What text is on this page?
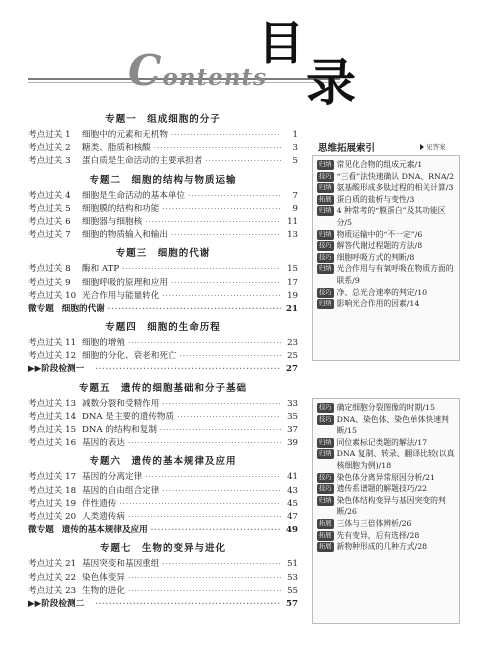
Contents
目
录
专题一　组成细胞的分子
考点过关 1	细胞中的元素和无机物 ·····	1
考点过关 2	糖类、脂质和核酸 ·····	3
考点过关 3	蛋白质是生命活动的主要承担者 ·····	5
专题二　细胞的结构与物质运输
考点过关 4	细胞是生命活动的基本单位 ·····	7
考点过关 5	细胞膜的结构和功能 ·····	9
考点过关 6	细胞器与细胞核 ·····	11
考点过关 7	细胞的物质输入和输出 ·····	13
专题三　细胞的代谢
考点过关 8	酶和 ATP ·····	15
考点过关 9	细胞呼吸的原理和应用 ·····	17
考点过关 10 光合作用与能量转化 ·····	19
微专题 细胞的代谢 ·····	21
专题四　细胞的生命历程
考点过关 11 细胞的增殖 ·····	23
考点过关 12 细胞的分化、衰老和死亡 ·····	25
▶▶阶段检测一 ·····	27
专题五　遗传的细胞基础和分子基础
考点过关 13 减数分裂和受精作用 ·····	33
考点过关 14 DNA 是主要的遗传物质 ·····	35
考点过关 15 DNA 的结构和复制 ·····	37
考点过关 16 基因的表达 ·····	39
专题六　遗传的基本规律及应用
考点过关 17 基因的分离定律 ·····	41
考点过关 18 基因的自由组合定律 ·····	43
考点过关 19 伴性遗传 ·····	45
考点过关 20 人类遗传病 ·····	47
微专题 遗传的基本规律及应用 ·····	49
专题七　生物的变异与进化
考点过关 21 基因突变和基因重组 ·····	51
考点过关 22 染色体变异 ·····	53
考点过关 23 生物的进化 ·····	55
▶▶阶段检测二 ·····	57
思维拓展索引	见答案
归纳 常见化合物的组成元素/1
技巧 “三看”法快速确认 DNA、RNA/2
归纳 氨基酸形成多肽过程的相关计算/3
拓展 蛋白质的盐析与变性/3
归纳 4 种常考的“膜蛋白”及其功能区分/5
归纳 物质运输中的“不一定”/6
技巧 解答代谢过程题的方法/8
技巧 细胞呼吸方式的判断/8
归纳 光合作用与有氧呼吸在物质方面的联系/9
技巧 净、总光合速率的判定/10
归纳 影响光合作用的因素/14
技巧 确定细胞分裂图像的时期/15
技巧 DNA、染色体、染色单体快速判断/15
归纳 同位素标记类题的解法/17
归纳 DNA 复制、转录、翻译比较(以真核细胞为例)/18
技巧 染色体分离异常原因分析/21
技巧 遗传系谱题的解题技巧/22
归纳 染色体结构变异与基因突变的判断/26
拓展 三体与三倍体辨析/26
拓展 先有变异，后有选择/28
拓展 新物种形成的几种方式/28
